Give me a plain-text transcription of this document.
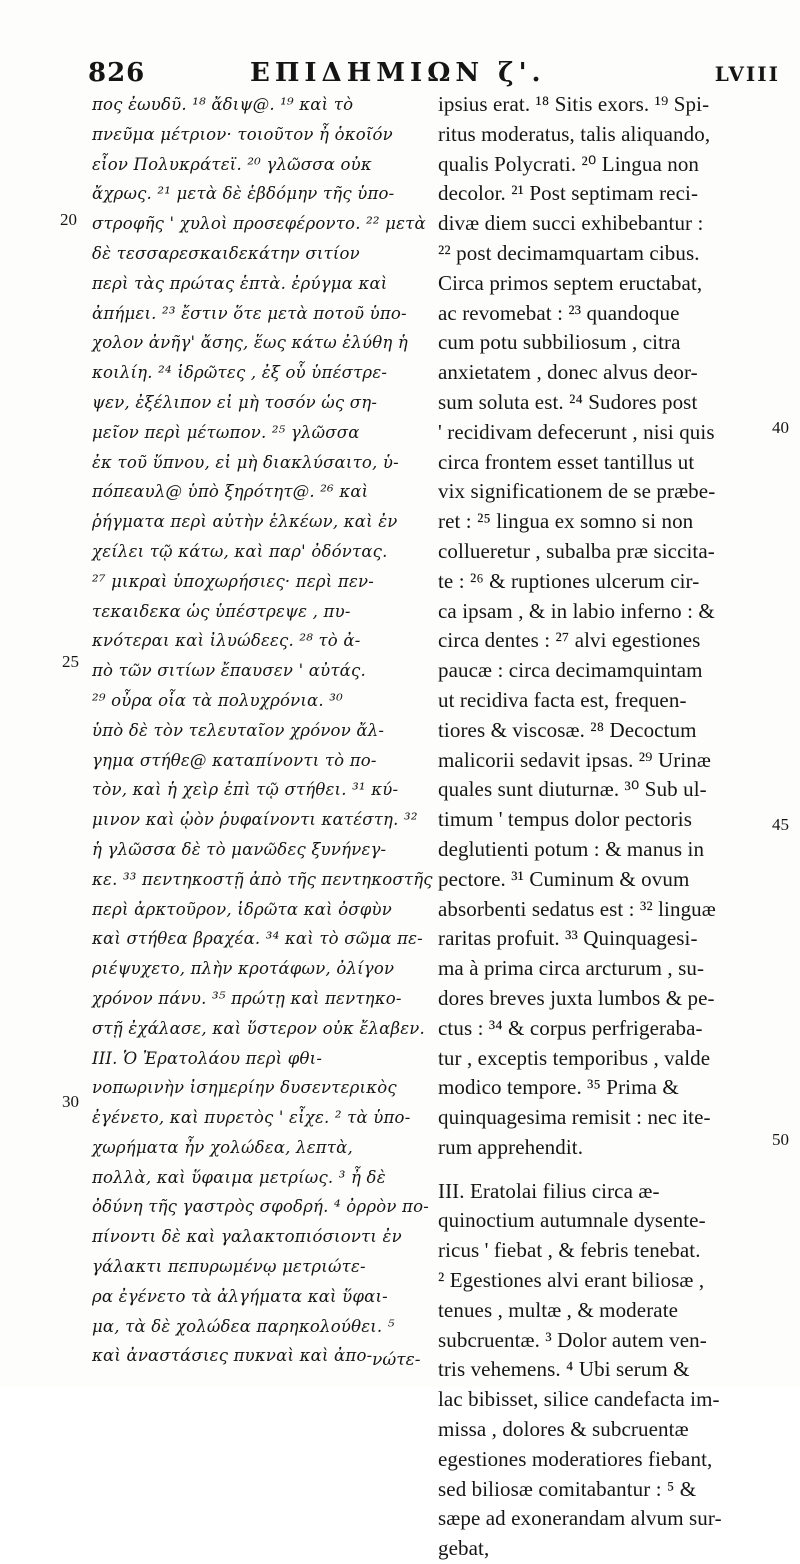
826	ΕΠΙΔΗΜΙΩΝ ζ'.	LVIII
πος ἐωυδῦ. ¹⁸ ἄδιψ@. ¹⁹ καὶ τὸ
πνεῦμα μέτριον· τοιοῦτον ἦ ὁκοῖόν
εἶον Πολυκράτεϊ. ²⁰ γλῶσσα οὐκ
ἄχρως. ²¹ μετὰ δὲ ἑβδόμην τῆς ὑπο-
στροφῆς ' χυλοὶ προσεφέροντο. ²² μετὰ
δὲ τεσσαρεσκαιδεκάτην σιτίον
περὶ τὰς πρώτας ἑπτὰ. ἐρύγμα καὶ
ἀπήμει. ²³ ἔστιν ὅτε μετὰ ποτοῦ ὑπο-
χολον ἀνῆγ' ἄσης, ἕως κάτω ἐλύθη ἡ
κοιλίη. ²⁴ ἱδρῶτες , ἐξ οὗ ὑπέστρε-
ψεν, ἐξέλιπον εἰ μὴ τοσόν ὡς ση-
μεῖον περὶ μέτωπον. ²⁵ γλῶσσα
ἐκ τοῦ ὕπνου, εἰ μὴ διακλύσαιτο, ὑ-
πόπεαυλ@ ὑπὸ ξηρότητ@. ²⁶ καὶ
ῥήγματα περὶ αὐτὴν ἑλκέων, καὶ ἐν
χείλει τῷ κάτω, καὶ παρ' ὀδόντας.
²⁷ μικραὶ ὑποχωρήσιες· περὶ πεν-
τεκαιδεκα ὡς ὑπέστρεψε , πυ-
κνότεραι καὶ ἰλυώδεες. ²⁸ τὸ ἀ-
πὸ τῶν σιτίων ἔπαυσεν ' αὐτάς.
²⁹ οὖρα οἷα τὰ πολυχρόνια. ³⁰
ὑπὸ δὲ τὸν τελευταῖον χρόνον ἄλ-
γημα στήθε@ καταπίνοντι τὸ πο-
τὸν, καὶ ἡ χεὶρ ἐπὶ τῷ στήθει. ³¹ κύ-
μινον καὶ ᾠὸν ῥυφαίνοντι κατέστη. ³²
ἡ γλῶσσα δὲ τὸ μανῶδες ξυνήνεγ-
κε. ³³ πεντηκοστῇ ἀπὸ τῆς πεντηκοστῆς
περὶ ἀρκτοῦρον, ἱδρῶτα καὶ ὀσφὺν
καὶ στήθεα βραχέα. ³⁴ καὶ τὸ σῶμα πε-
ριέψυχετο, πλὴν κροτάφων, ὀλίγον
χρόνον πάνυ. ³⁵ πρώτῃ καὶ πεντηκο-
στῇ ἐχάλασε, καὶ ὕστερον οὐκ ἔλαβεν.
ΙΙΙ. Ὁ Ἐρατολάου περὶ φθι-
νοπωρινὴν ἰσημερίην δυσεντερικὸς
ἐγένετο, καὶ πυρετὸς ' εἶχε. ² τὰ ὑπο-
χωρήματα ἦν χολώδεα, λεπτὰ,
πολλὰ, καὶ ὕφαιμα μετρίως. ³ ἦ δὲ
ὀδύνη τῆς γαστρὸς σφοδρή. ⁴ ὀρρὸν πο-
πίνοντι δὲ καὶ γαλακτοπιόσιοντι ἐν
γάλακτι πεπυρωμένῳ μετριώτε-
ρα ἐγένετο τὰ ἀλγήματα καὶ ὕφαι-
μα, τὰ δὲ χολώδεα παρηκολούθει. ⁵
καὶ ἀναστάσιες πυκναὶ καὶ ἀπο- νώτε-
ipsius erat. ¹⁸ Sitis exors. ¹⁹ Spi-
ritus moderatus, talis aliquando,
qualis Polycrati. ²⁰ Lingua non
decolor. ²¹ Post septimam reci-
divæ diem succi exhibebantur :
²² post decimamquartam cibus.
Circa primos septem eructabat,
ac revomebat : ²³ quandoque
cum potu subbiliosum , citra
anxietatem , donec alvus deor-
sum soluta est. ²⁴ Sudores post
' recidivam defecerunt , nisi quis
circa frontem esset tantillus ut
vix significationem de se præbe-
ret : ²⁵ lingua ex somno si non
collueretur , subalba præ siccita-
te : ²⁶ & ruptiones ulcerum cir-
ca ipsam , & in labio inferno : &
circa dentes : ²⁷ alvi egestiones
paucæ : circa decimamquintam
ut recidiva facta est, frequen-
tiores & viscosæ. ²⁸ Decoctum
malicorii sedavit ipsas. ²⁹ Urinæ
quales sunt diuturnæ. ³⁰ Sub ul-
timum ' tempus dolor pectoris
deglutienti potum : & manus in
pectore. ³¹ Cuminum & ovum
absorbenti sedatus est : ³² linguæ
raritas profuit. ³³ Quinquagesi-
ma à prima circa arcturum , su-
dores breves juxta lumbos & pe-
ctus : ³⁴ & corpus perfrigeraba-
tur , exceptis temporibus , valde
modico tempore. ³⁵ Prima &
quinquagesima remisit : nec ite-
rum apprehendit.
III. Eratolai filius circa æ-
quinoctium autumnale dysente-
ricus ' fiebat , & febris tenebat.
² Egestiones alvi erant biliosæ ,
tenues , multæ , & moderate
subcruentæ. ³ Dolor autem ven-
tris vehemens. ⁴ Ubi serum &
lac bibisset, silice candefacta im-
missa , dolores & subcruentæ
egestiones moderatiores fiebant,
sed biliosæ comitabantur : ⁵ &
sæpe ad exonerandam alvum sur-
gebat,
20
25
30
40
45
50
